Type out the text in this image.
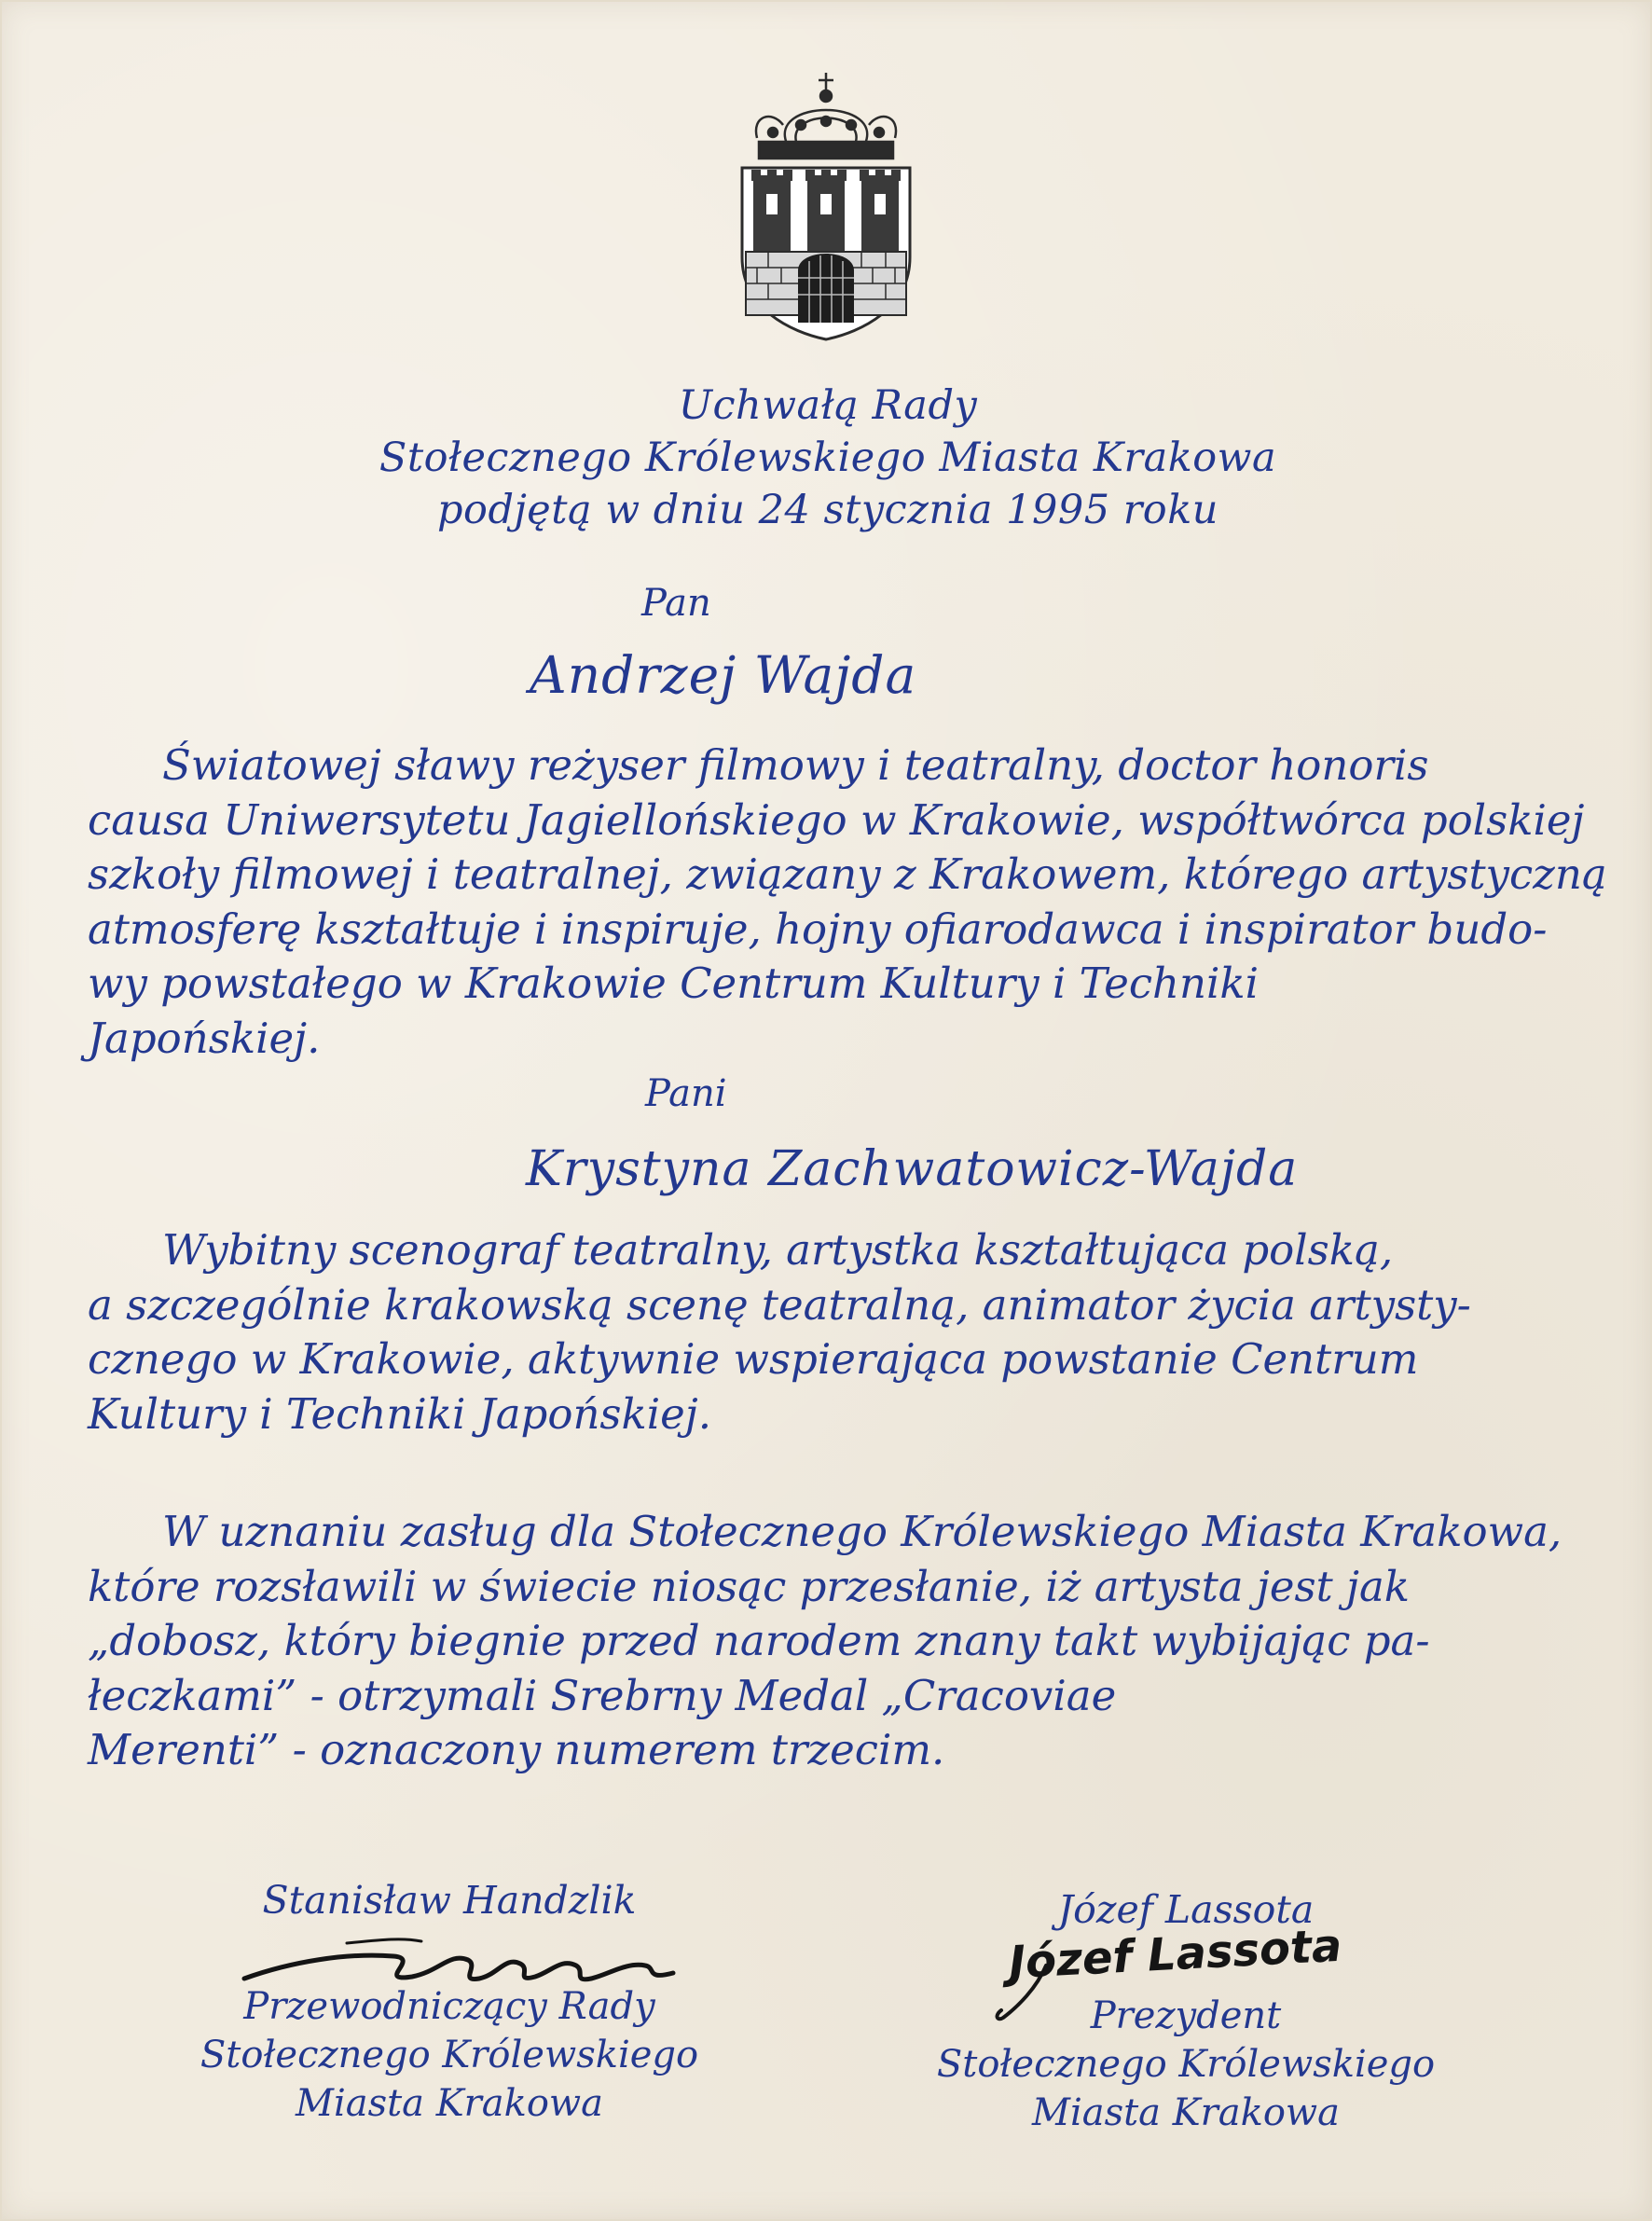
Uchwałą Rady
Stołecznego Królewskiego Miasta Krakowa
podjętą w dniu 24 stycznia 1995 roku
Pan
Andrzej Wajda
Światowej sławy reżyser filmowy i teatralny, doctor honoris
causa Uniwersytetu Jagiellońskiego w Krakowie, współtwórca polskiej
szkoły filmowej i teatralnej, związany z Krakowem, którego artystyczną
atmosferę kształtuje i inspiruje, hojny ofiarodawca i inspirator budo-
wy powstałego w Krakowie Centrum Kultury i Techniki
Japońskiej.
Pani
Krystyna Zachwatowicz-Wajda
Wybitny scenograf teatralny, artystka kształtująca polską,
a szczególnie krakowską scenę teatralną, animator życia artysty-
cznego w Krakowie, aktywnie wspierająca powstanie Centrum
Kultury i Techniki Japońskiej.
W uznaniu zasług dla Stołecznego Królewskiego Miasta Krakowa,
które rozsławili w świecie niosąc przesłanie, iż artysta jest jak
„dobosz, który biegnie przed narodem znany takt wybijając pa-
łeczkami” - otrzymali Srebrny Medal „Cracoviae
Merenti” - oznaczony numerem trzecim.
Stanisław Handzlik
Przewodniczący Rady
Stołecznego Królewskiego
Miasta Krakowa
Józef Lassota
Prezydent
Stołecznego Królewskiego
Miasta Krakowa
Józef Lassota
